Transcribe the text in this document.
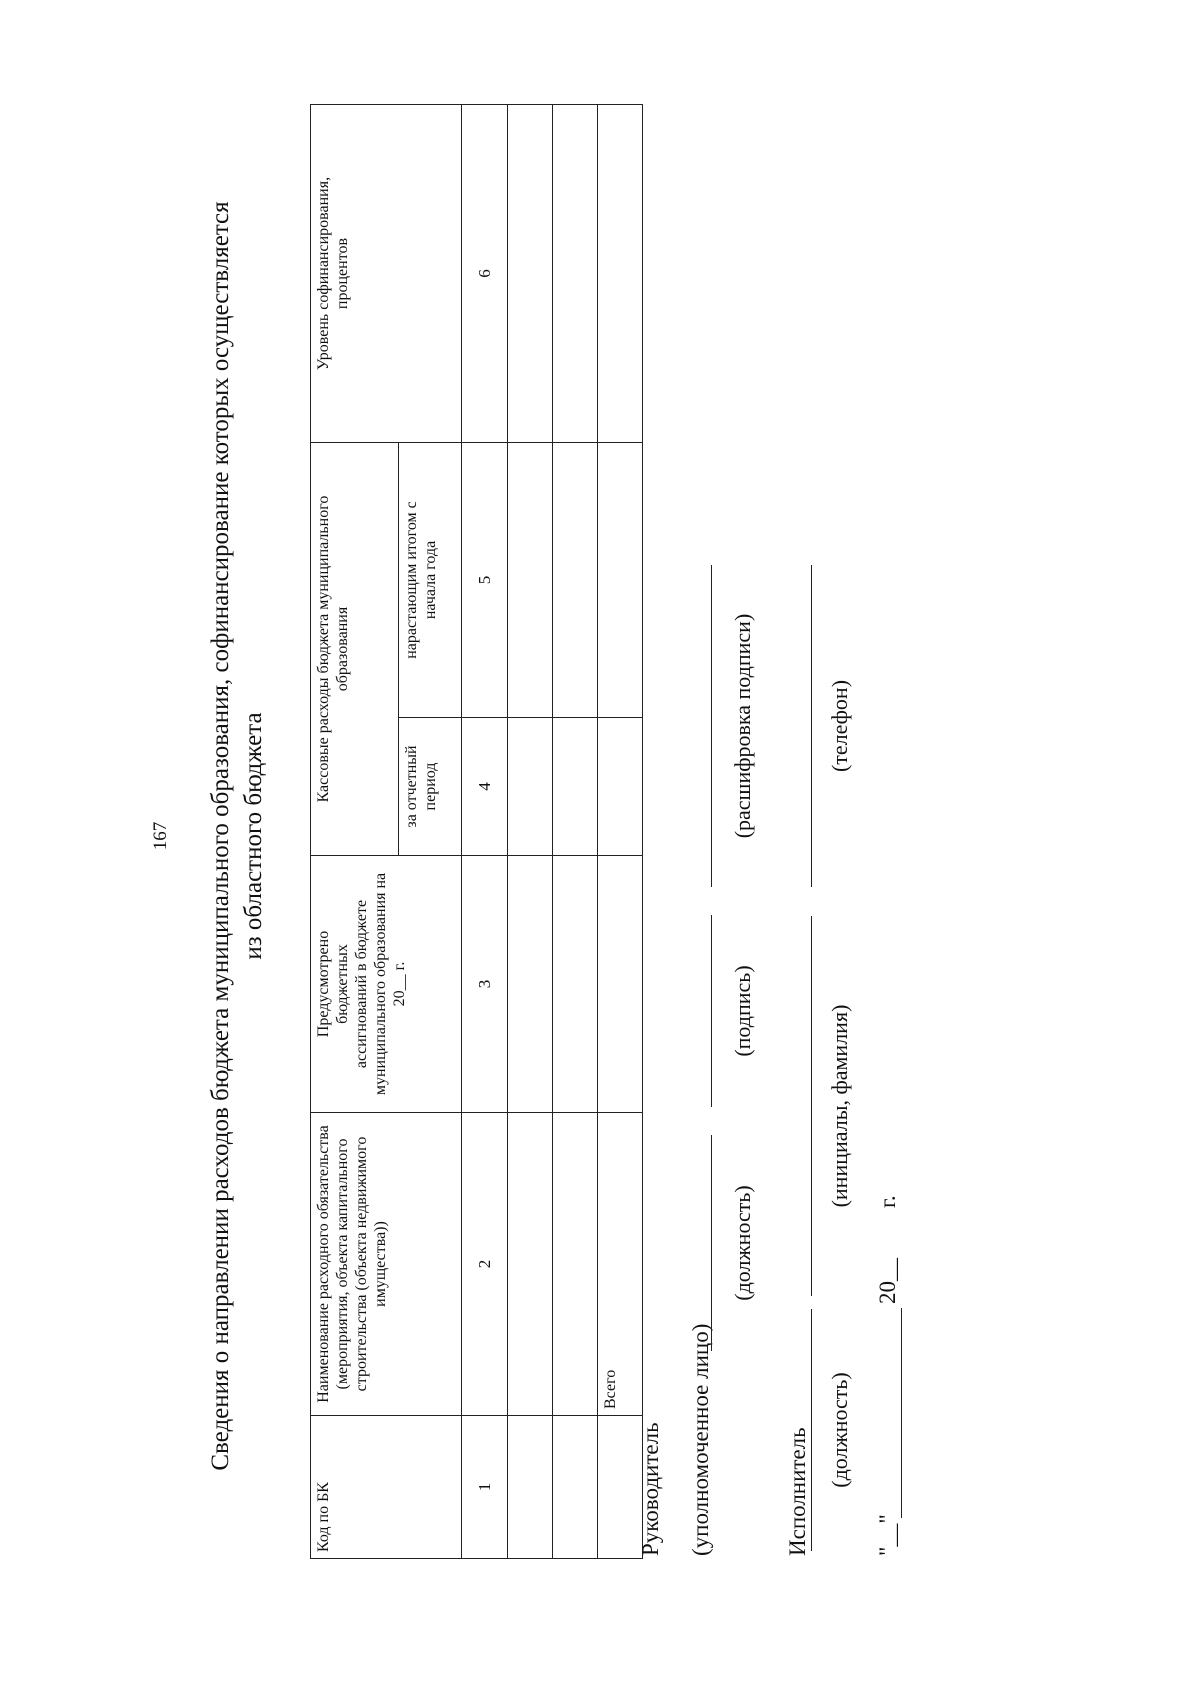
167 Сведения о направлении расходов бюджета муниципального образования, софинансирование которых осуществляется из областного бюджета
Код по БК	Наименование расходного обязательства (мероприятия, объекта капитального строительства (объекта недвижимого имущества))	Предусмотрено бюджетных ассигнований в бюджете муниципального образования на 20__ г.	Кассовые расходы бюджета муниципального образования		Уровень софинансирования, процентов
			за отчетный период	нарастающим итогом с начала года	
1	2	3	4	5	6

	Всего				
Руководитель (уполномоченное лицо)
(должность)
(подпись)
(расшифровка подписи)
Исполнитель (должность)
(инициалы, фамилия)
(телефон)
"__"
20__
г.
